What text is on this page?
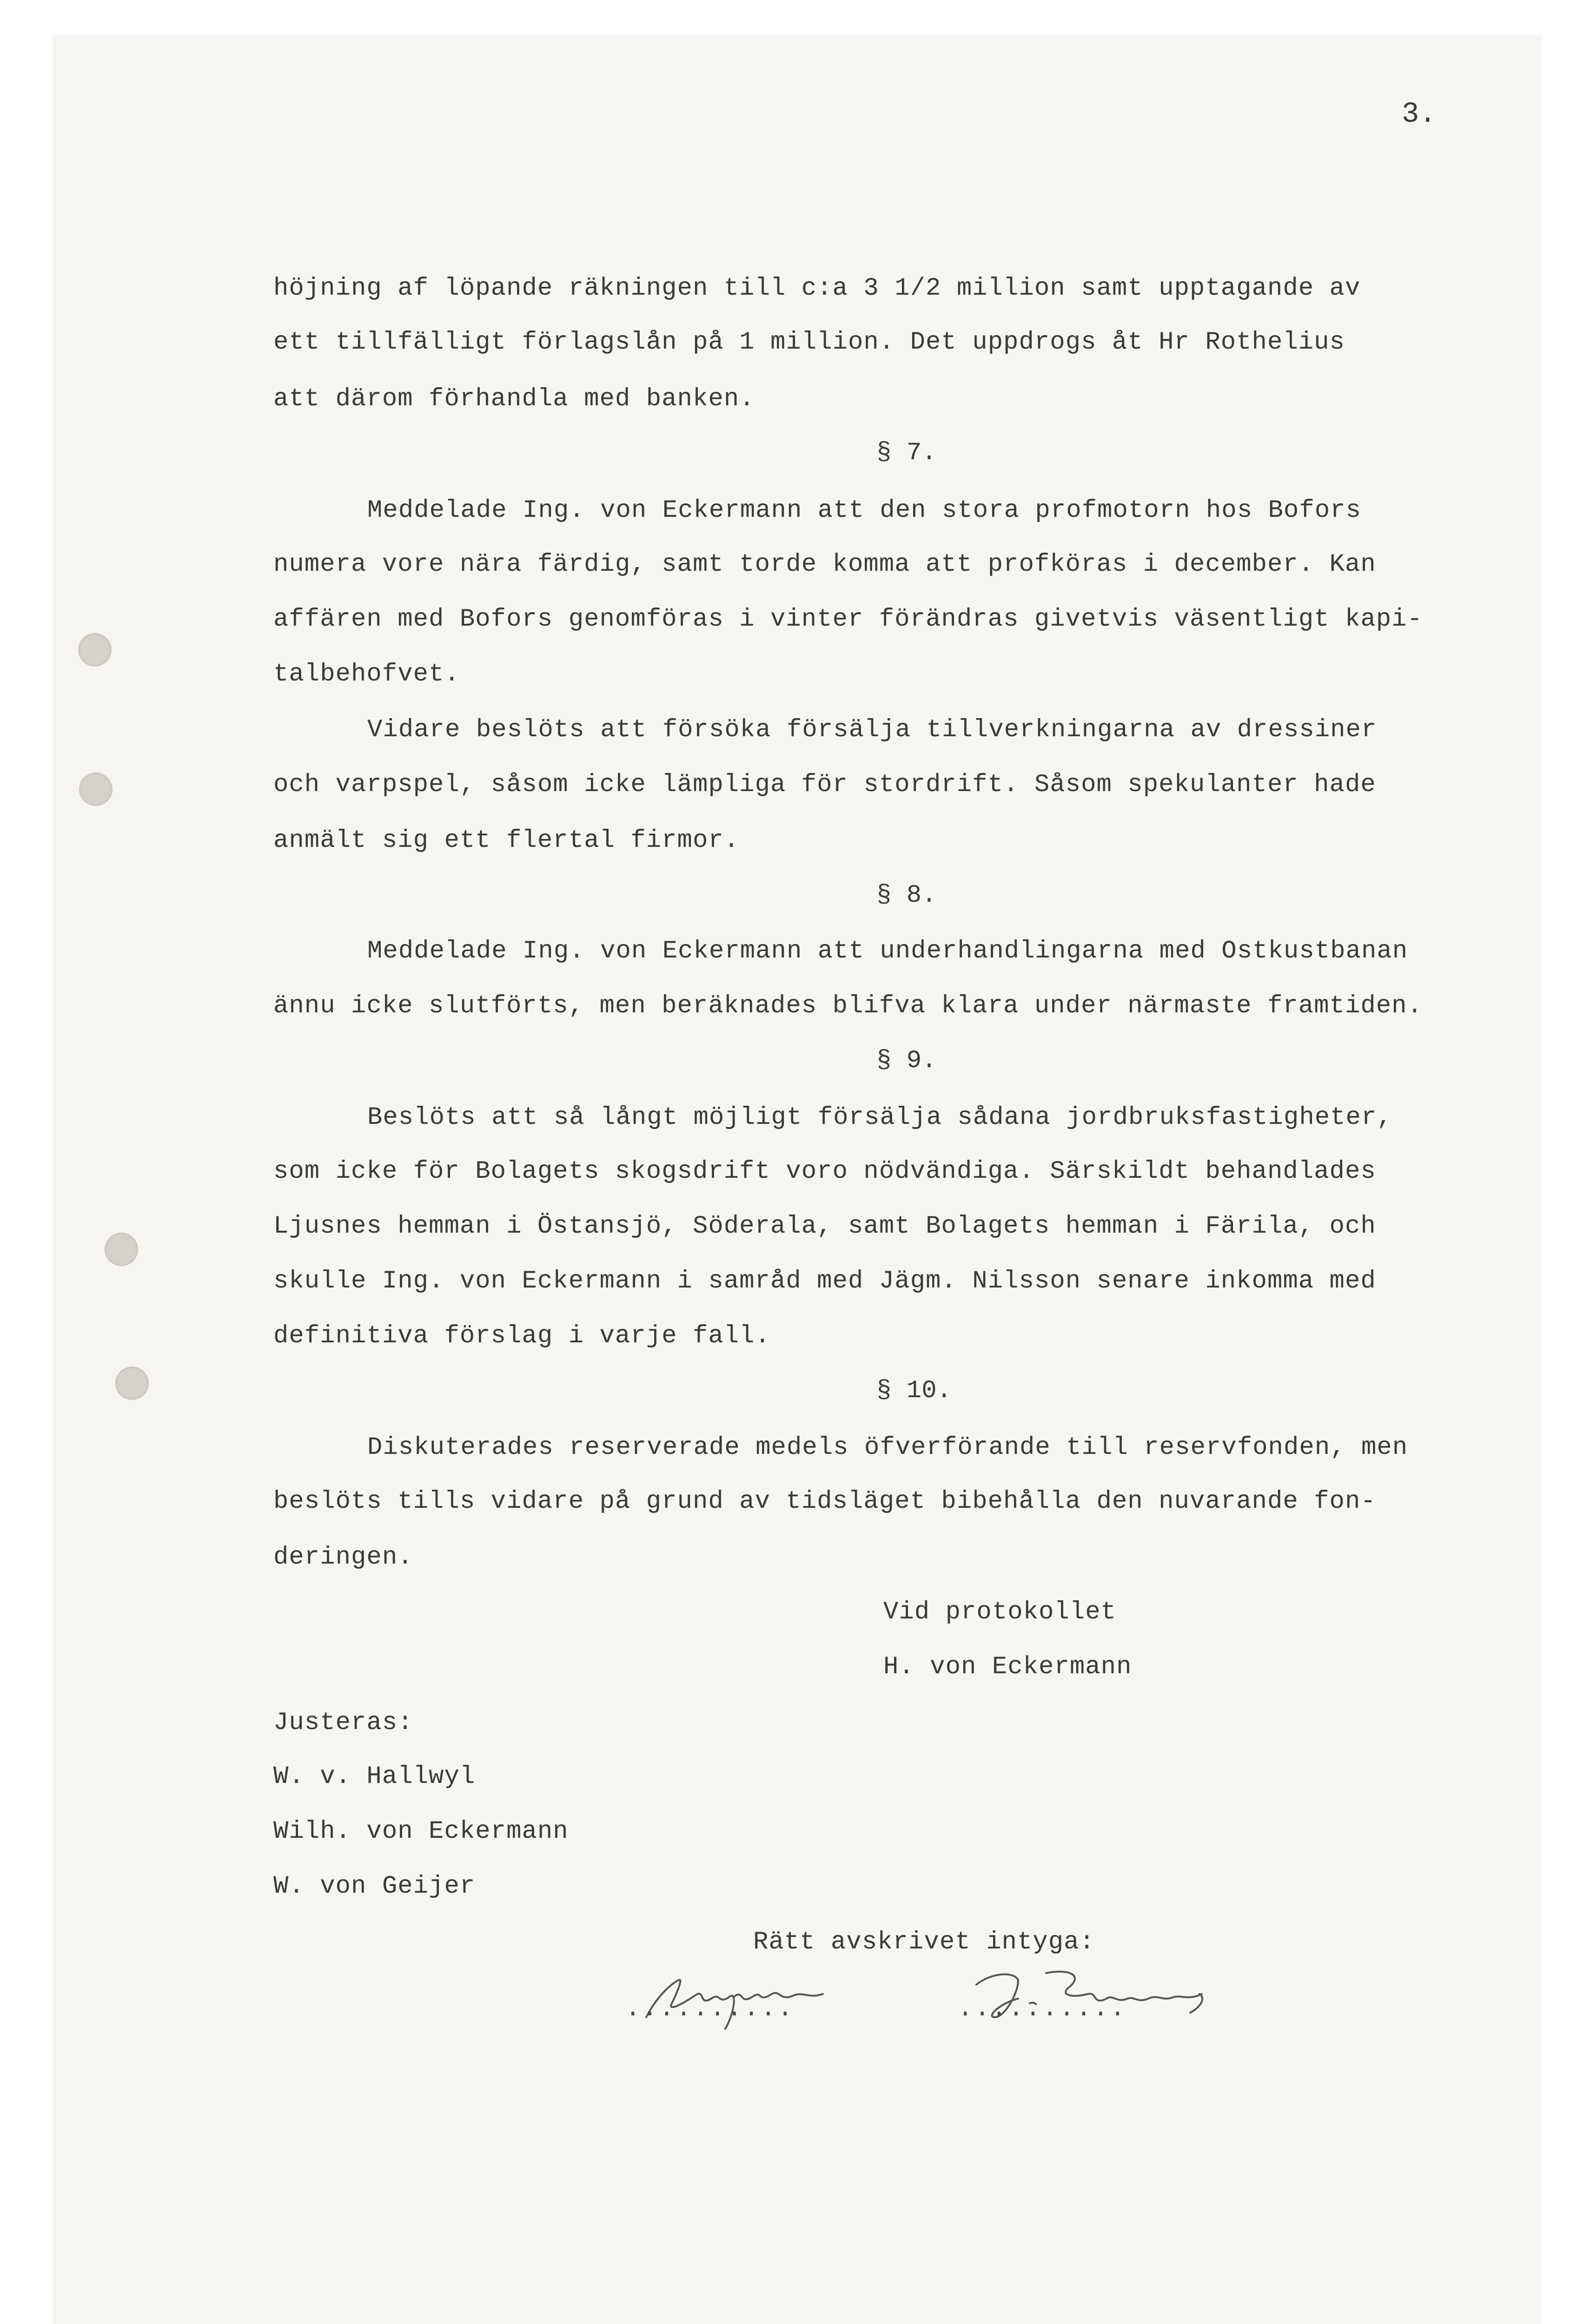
3.
höjning af löpande räkningen till c:a 3 1/2 million samt upptagande av
ett tillfälligt förlagslån på 1 million. Det uppdrogs åt Hr Rothelius
att därom förhandla med banken.
§ 7.
Meddelade Ing. von Eckermann att den stora profmotorn hos Bofors
numera vore nära färdig, samt torde komma att profköras i december. Kan
affären med Bofors genomföras i vinter förändras givetvis väsentligt kapi-
talbehofvet.
Vidare beslöts att försöka försälja tillverkningarna av dressiner
och varpspel, såsom icke lämpliga för stordrift. Såsom spekulanter hade
anmält sig ett flertal firmor.
§ 8.
Meddelade Ing. von Eckermann att underhandlingarna med Ostkustbanan
ännu icke slutförts, men beräknades blifva klara under närmaste framtiden.
§ 9.
Beslöts att så långt möjligt försälja sådana jordbruksfastigheter,
som icke för Bolagets skogsdrift voro nödvändiga. Särskildt behandlades
Ljusnes hemman i Östansjö, Söderala, samt Bolagets hemman i Färila, och
skulle Ing. von Eckermann i samråd med Jägm. Nilsson senare inkomma med
definitiva förslag i varje fall.
§ 10.
Diskuterades reserverade medels öfverförande till reservfonden, men
beslöts tills vidare på grund av tidsläget bibehålla den nuvarande fon-
deringen.
Vid protokollet
H. von Eckermann
Justeras:
W. v. Hallwyl
Wilh. von Eckermann
W. von Geijer
Rätt avskrivet intyga:
..........	..........
